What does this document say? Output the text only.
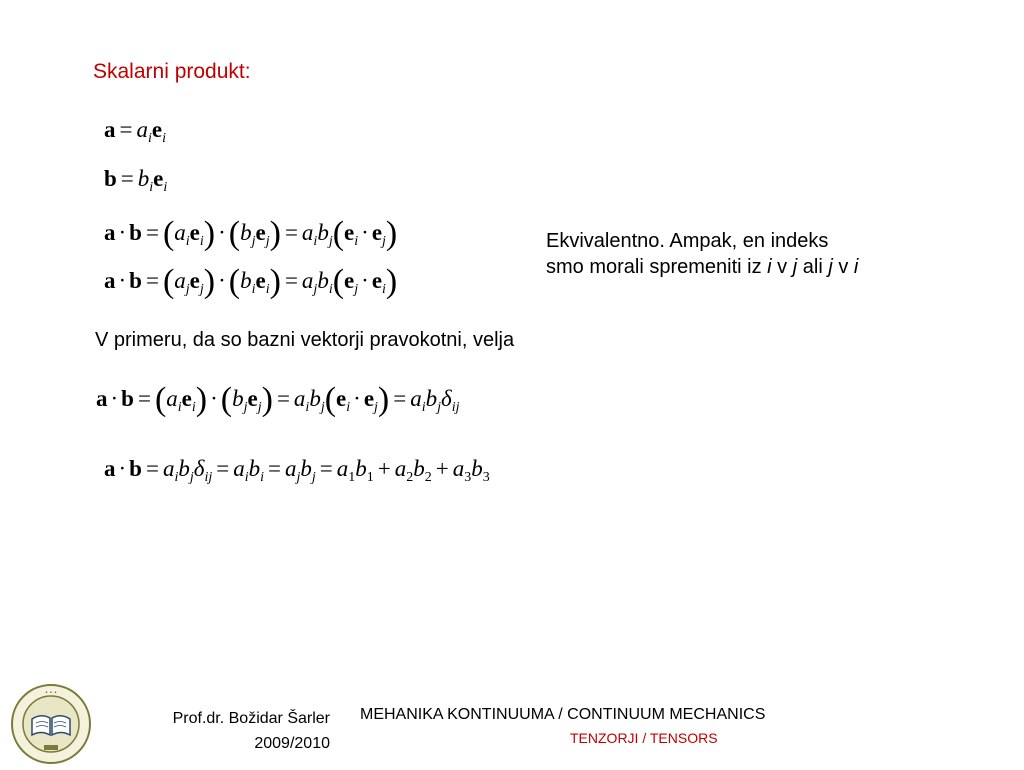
Skalarni produkt:
$a = a_ie_i$
$b = b_ie_i$
$a \cdot b = (a_ie_i) \cdot(b_je_j) = a_ib_j(e_i \cdot e_j)$
$a \cdot b = (a_je_j) \cdot(b_ie_i) = a_jb_i(e_j \cdot e_i)$
Ekvivalentno. Ampak, en indeks
smo morali spremeniti iz i v j ali j v i
V primeru, da so bazni vektorji pravokotni, velja
$a \cdot b = (a_ie_i) \cdot(b_je_j) = a_ib_j(e_i \cdot e_j) = a_ib_j\delta_{ij}$
$a \cdot b = a_ib_j\delta_{ij} = a_ib_i = a_jb_j = a_1b_1 + a_2b_2 + a_3b_3$
• • •
Prof.dr. Božidar Šarler
2009/2010
MEHANIKA KONTINUUMA / CONTINUUM MECHANICS
TENZORJI / TENSORS
